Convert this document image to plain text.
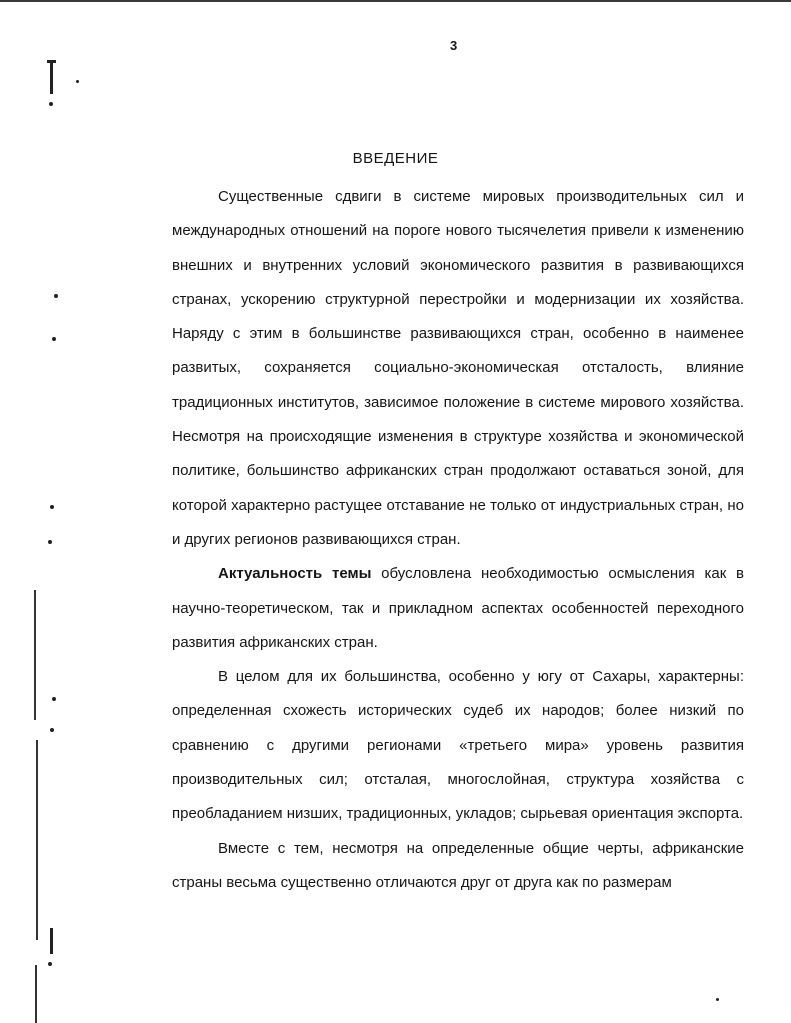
3
ВВЕДЕНИЕ

Существенные сдвиги в системе мировых производительных сил и международных отношений на пороге нового тысячелетия привели к изменению внешних и внутренних условий экономического развития в развивающихся странах, ускорению структурной перестройки и модернизации их хозяйства. Наряду с этим в большинстве развивающихся стран, особенно в наименее развитых, сохраняется социально-экономическая отсталость, влияние традиционных институтов, зависимое положение в системе мирового хозяйства. Несмотря на происходящие изменения в структуре хозяйства и экономической политике, большинство африканских стран продолжают оставаться зоной, для которой характерно растущее отставание не только от индустриальных стран, но и других регионов развивающихся стран.

Актуальность темы обусловлена необходимостью осмысления как в научно-теоретическом, так и прикладном аспектах особенностей переходного развития африканских стран.

В целом для их большинства, особенно у югу от Сахары, характерны: определенная схожесть исторических судеб их народов; более низкий по сравнению с другими регионами «третьего мира» уровень развития производительных сил; отсталая, многослойная, структура хозяйства с преобладанием низших, традиционных, укладов; сырьевая ориентация экспорта.

Вместе с тем, несмотря на определенные общие черты, африканские страны весьма существенно отличаются друг от друга как по размерам
